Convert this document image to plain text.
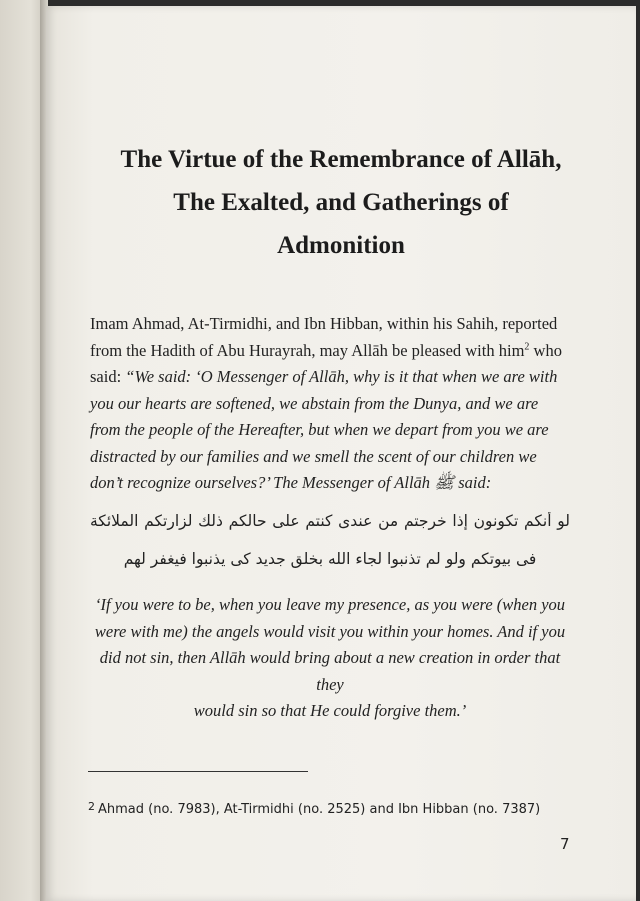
The Virtue of the Remembrance of Allāh,
The Exalted, and Gatherings of
Admonition
Imam Ahmad, At-Tirmidhi, and Ibn Hibban, within his Sahih, reported from the Hadith of Abu Hurayrah, may Allāh be pleased with him$^2$ who said: “We said: ‘O Messenger of Allāh, why is it that when we are with you our hearts are softened, we abstain from the Dunya, and we are from the people of the Hereafter, but when we depart from you we are distracted by our families and we smell the scent of our children we don’t recognize ourselves?’ The Messenger of Allāh ﷺ said:
لو أنكم تكونون إذا خرجتم من عندى كنتم على حالكم ذلك لزارتكم الملائكة
فى بيوتكم ولو لم تذنبوا لجاء الله بخلق جديد كى يذنبوا فيغفر لهم
‘If you were to be, when you leave my presence, as you were (when you
were with me) the angels would visit you within your homes. And if you
did not sin, then Allāh would bring about a new creation in order that they
would sin so that He could forgive them.’
$^2$ Ahmad (no. 7983), At-Tirmidhi (no. 2525) and Ibn Hibban (no. 7387)
7
